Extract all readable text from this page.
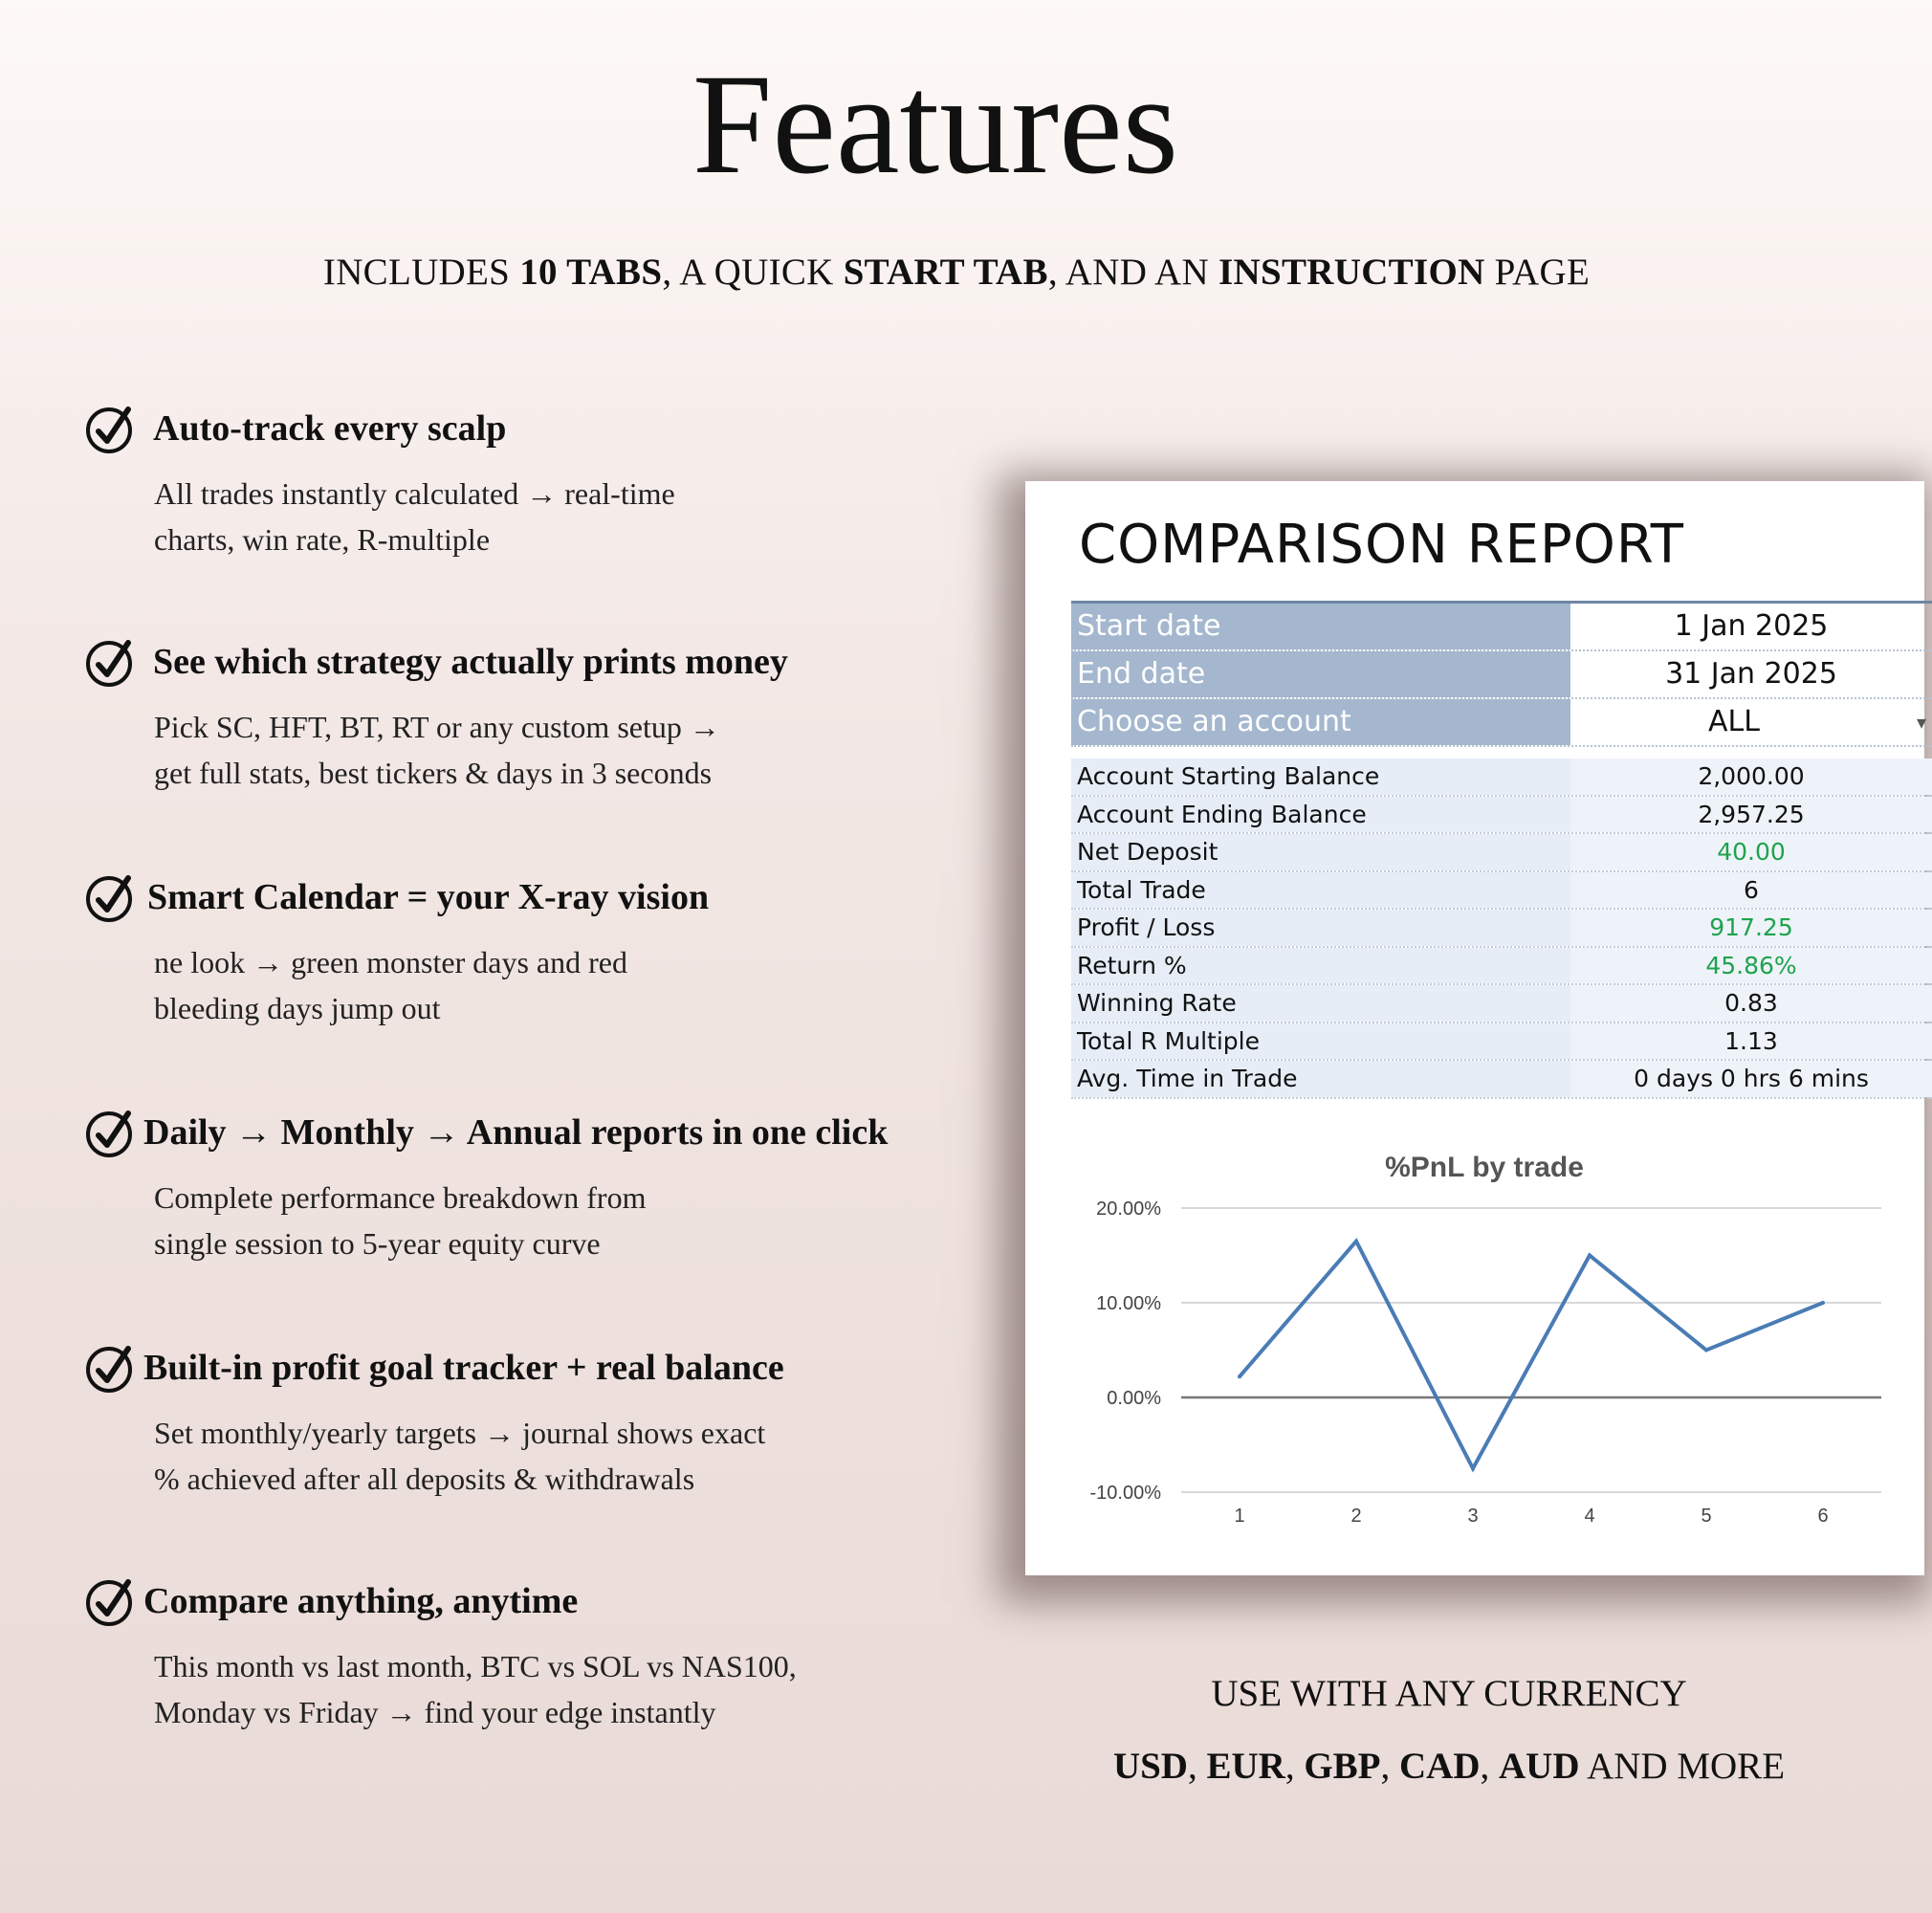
Features
INCLUDES 10 TABS, A QUICK START TAB, AND AN INSTRUCTION PAGE
Auto-track every scalp
All trades instantly calculated → real-time
charts, win rate, R-multiple
See which strategy actually prints money
Pick SC, HFT, BT, RT or any custom setup →
get full stats, best tickers & days in 3 seconds
Smart Calendar = your X-ray vision
ne look → green monster days and red
bleeding days jump out
Daily → Monthly → Annual reports in one click
Complete performance breakdown from
single session to 5-year equity curve
Built-in profit goal tracker + real balance
Set monthly/yearly targets → journal shows exact
% achieved after all deposits & withdrawals
Compare anything, anytime
This month vs last month, BTC vs SOL vs NAS100,
Monday vs Friday → find your edge instantly
COMPARISON REPORT
Start date	1 Jan 2025
End date	31 Jan 2025
Choose an account	ALL	▾
Account Starting Balance	2,000.00
Account Ending Balance	2,957.25
Net Deposit	40.00
Total Trade	6
Profit / Loss	917.25
Return %	45.86%
Winning Rate	0.83
Total R Multiple	1.13
Avg. Time in Trade	0 days 0 hrs 6 mins
%PnL by trade
20.00%
10.00%
0.00%
-10.00%
1	2	3	4	5	6
USE WITH ANY CURRENCY
USD, EUR, GBP, CAD, AUD AND MORE
